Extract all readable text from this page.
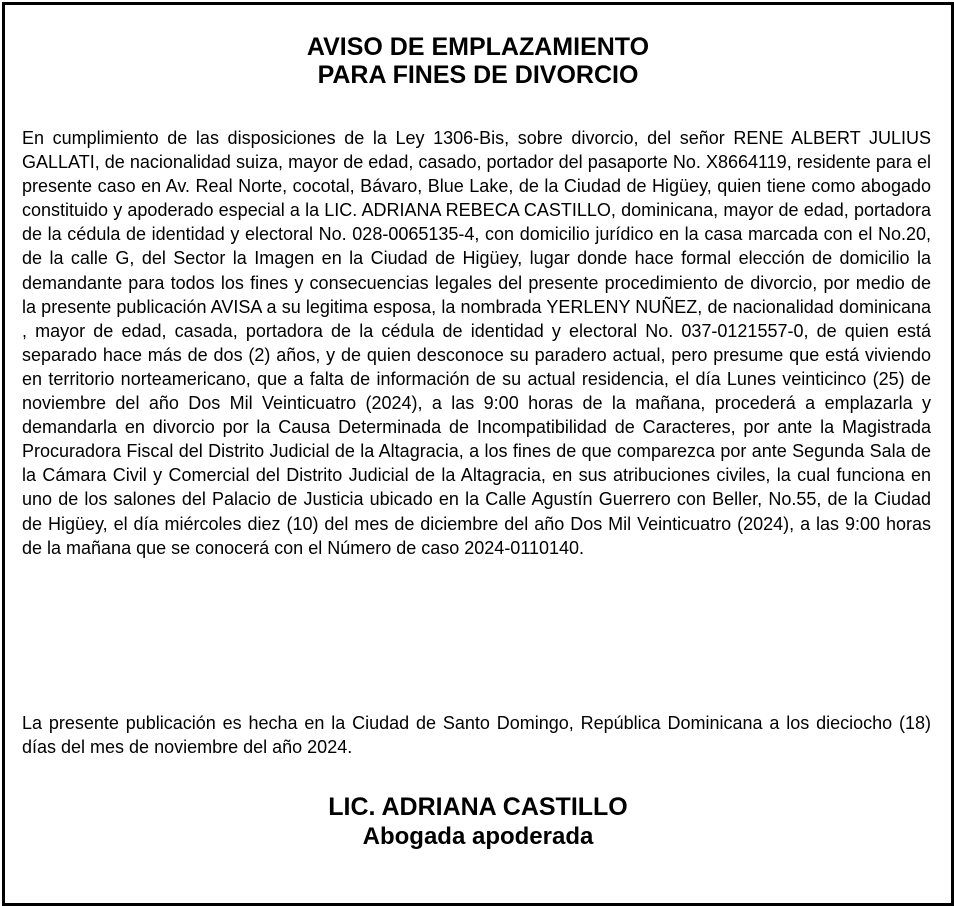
AVISO DE EMPLAZAMIENTO
PARA FINES DE DIVORCIO

En cumplimiento de las disposiciones de la Ley 1306-Bis, sobre divorcio, del señor RENE ALBERT JULIUS GALLATI, de nacionalidad suiza, mayor de edad, casado, portador del pasaporte No. X8664119, residente para el presente caso en Av. Real Norte, cocotal, Bávaro, Blue Lake, de la Ciudad de Higüey, quien tiene como abogado constituido y apoderado especial a la LIC. ADRIANA REBECA CASTILLO, dominicana, mayor de edad, portadora de la cédula de identidad y electoral No. 028-0065135-4, con domicilio jurídico en la casa marcada con el No.20, de la calle G, del Sector la Imagen en la Ciudad de Higüey, lugar donde hace formal elección de domicilio la demandante para todos los fines y consecuencias legales del presente procedimiento de divorcio, por medio de la presente publicación AVISA a su legitima esposa, la nombrada YERLENY NUÑEZ, de nacionalidad dominicana , mayor de edad, casada, portadora de la cédula de identidad y electoral No. 037-0121557-0, de quien está separado hace más de dos (2) años, y de quien desconoce su paradero actual, pero presume que está viviendo en territorio norteamericano, que a falta de información de su actual residencia, el día Lunes veinticinco (25) de noviembre del año Dos Mil Veinticuatro (2024), a las 9:00 horas de la mañana, procederá a emplazarla y demandarla en divorcio por la Causa Determinada de Incompatibilidad de Caracteres, por ante la Magistrada Procuradora Fiscal del Distrito Judicial de la Altagracia, a los fines de que comparezca por ante Segunda Sala de la Cámara Civil y Comercial del Distrito Judicial de la Altagracia, en sus atribuciones civiles, la cual funciona en uno de los salones del Palacio de Justicia ubicado en la Calle Agustín Guerrero con Beller, No.55, de la Ciudad de Higüey, el día miércoles diez (10) del mes de diciembre del año Dos Mil Veinticuatro (2024), a las 9:00 horas de la mañana que se conocerá con el Número de caso 2024-0110140.

La presente publicación es hecha en la Ciudad de Santo Domingo, República Dominicana a los dieciocho (18) días del mes de noviembre del año 2024.

LIC. ADRIANA CASTILLO
Abogada apoderada
